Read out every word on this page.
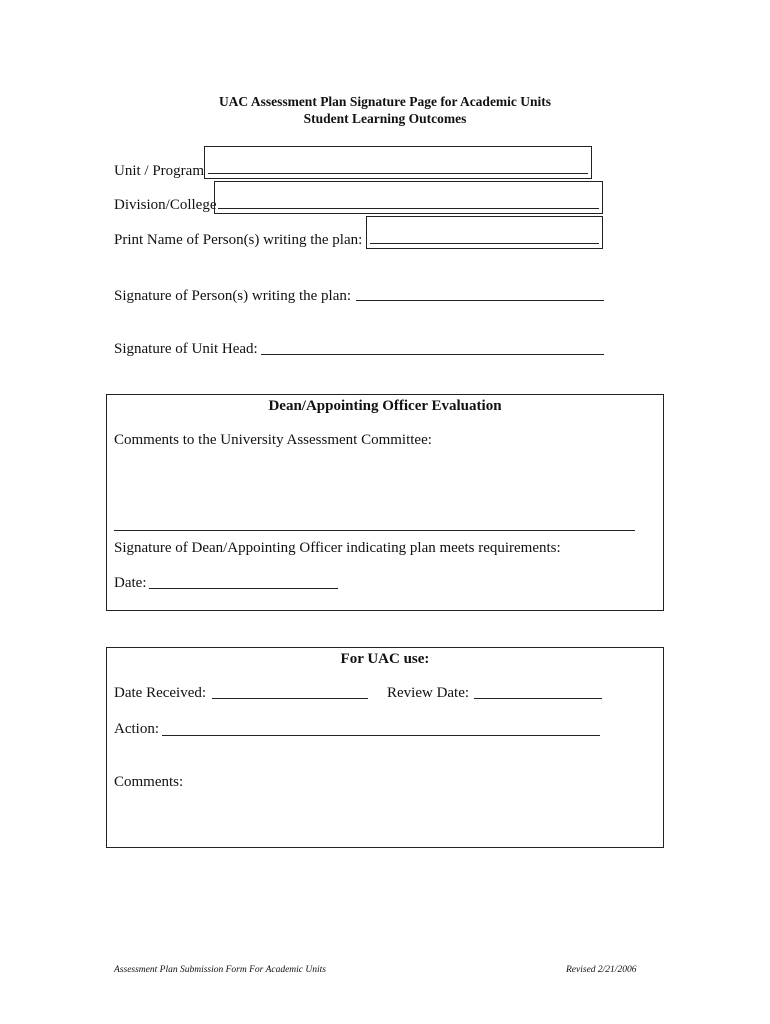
UAC Assessment Plan Signature Page for Academic Units
Student Learning Outcomes
Unit / Program
Division/College
Print Name of Person(s) writing the plan:
Signature of Person(s) writing the plan:
Signature of Unit Head:
Dean/Appointing Officer Evaluation
Comments to the University Assessment Committee:
Signature of Dean/Appointing Officer indicating plan meets requirements:
Date:
For UAC use:
Date Received:	Review Date:
Action:
Comments:
Assessment Plan Submission Form For Academic Units	Revised 2/21/2006
